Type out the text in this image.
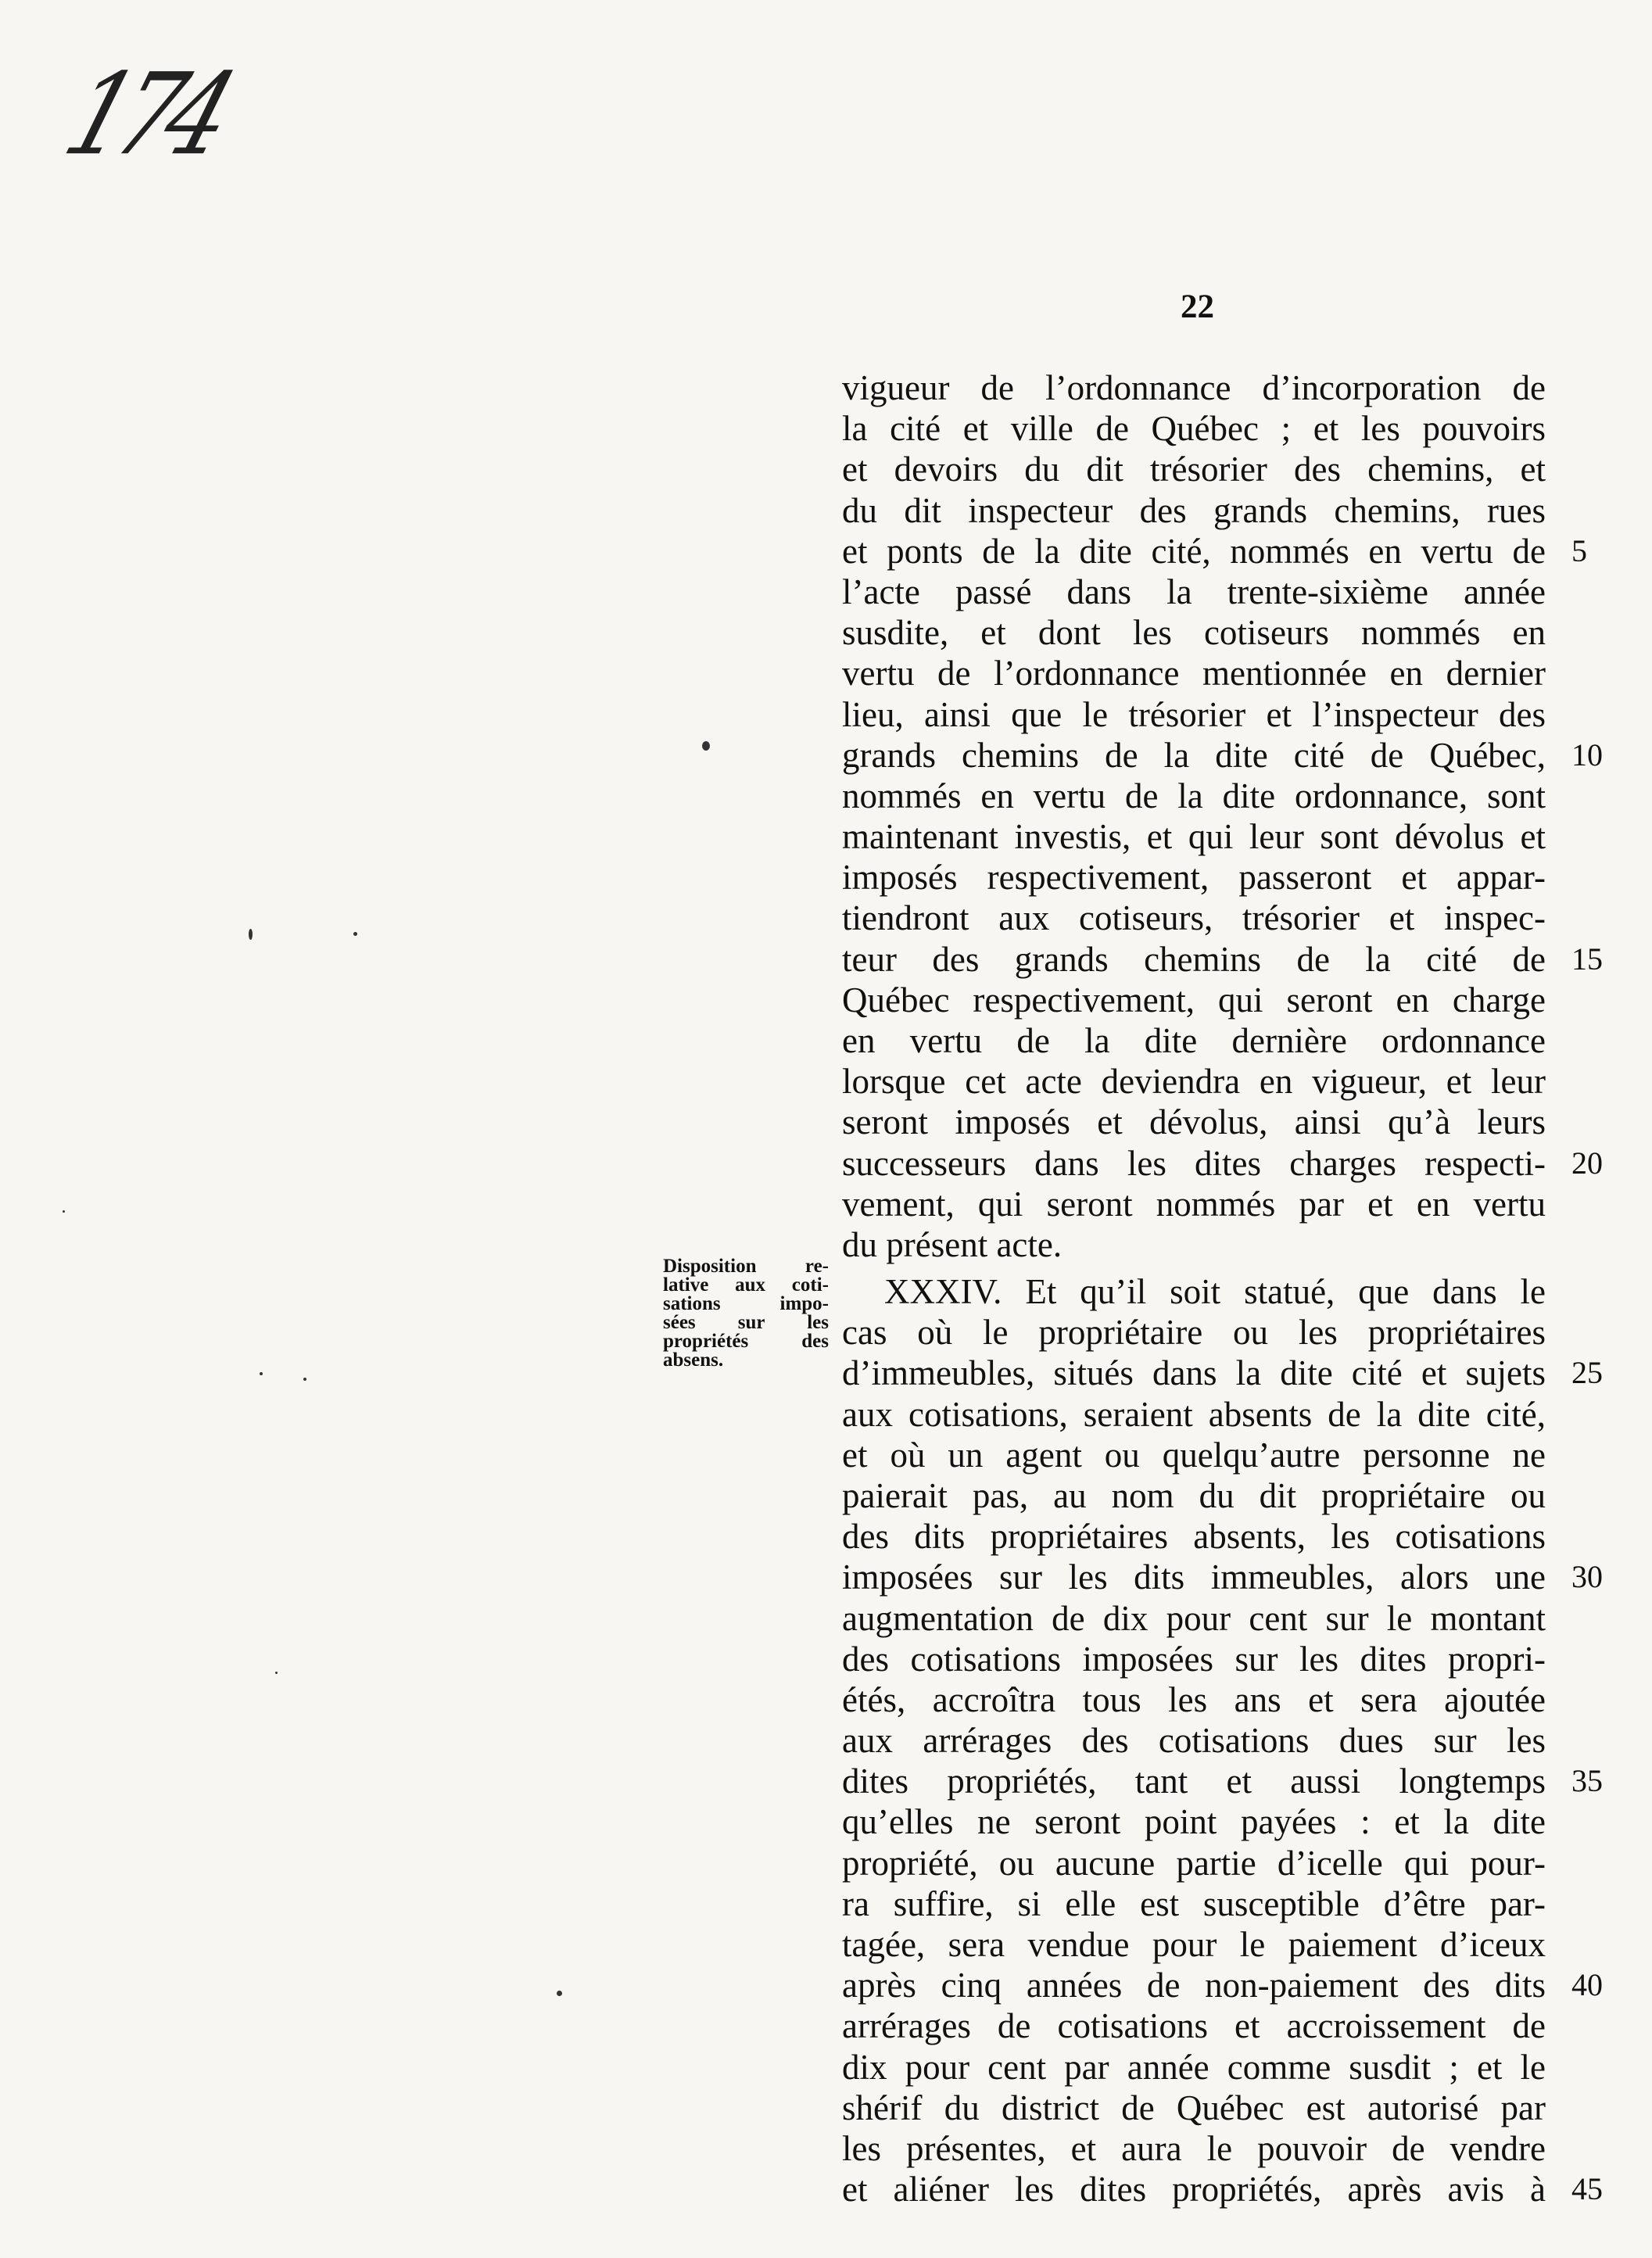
174
22
vigueur de l’ordonnance d’incorporation de
la cité et ville de Québec ; et les pouvoirs
et devoirs du dit trésorier des chemins, et
du dit inspecteur des grands chemins, rues
et ponts de la dite cité, nommés en vertu de
l’acte passé dans la trente-sixième année
susdite, et dont les cotiseurs nommés en
vertu de l’ordonnance mentionnée en dernier
lieu, ainsi que le trésorier et l’inspecteur des
grands chemins de la dite cité de Québec,
nommés en vertu de la dite ordonnance, sont
maintenant investis, et qui leur sont dévolus et
imposés respectivement, passeront et appar-
tiendront aux cotiseurs, trésorier et inspec-
teur des grands chemins de la cité de
Québec respectivement, qui seront en charge
en vertu de la dite dernière ordonnance
lorsque cet acte deviendra en vigueur, et leur
seront imposés et dévolus, ainsi qu’à leurs
successeurs dans les dites charges respecti-
vement, qui seront nommés par et en vertu
du présent acte.
XXXIV. Et qu’il soit statué, que dans le
cas où le propriétaire ou les propriétaires
d’immeubles, situés dans la dite cité et sujets
aux cotisations, seraient absents de la dite cité,
et où un agent ou quelqu’autre personne ne
paierait pas, au nom du dit propriétaire ou
des dits propriétaires absents, les cotisations
imposées sur les dits immeubles, alors une
augmentation de dix pour cent sur le montant
des cotisations imposées sur les dites propri-
étés, accroîtra tous les ans et sera ajoutée
aux arrérages des cotisations dues sur les
dites propriétés, tant et aussi longtemps
qu’elles ne seront point payées : et la dite
propriété, ou aucune partie d’icelle qui pour-
ra suffire, si elle est susceptible d’être par-
tagée, sera vendue pour le paiement d’iceux
après cinq années de non-paiement des dits
arrérages de cotisations et accroissement de
dix pour cent par année comme susdit ; et le
shérif du district de Québec est autorisé par
les présentes, et aura le pouvoir de vendre
et aliéner les dites propriétés, après avis à
Disposition re-
lative aux coti-
sations impo-
sées sur les
propriétés des
absens.
5
10
15
20
25
30
35
40
45
